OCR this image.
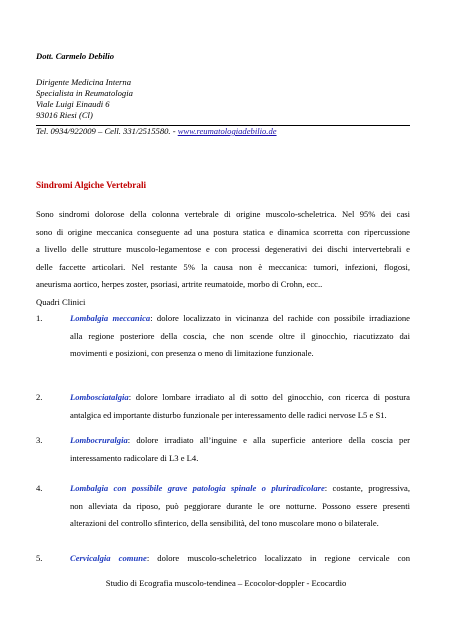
Dott. Carmelo Debilio
Dirigente Medicina Interna
Specialista in Reumatologia
Viale Luigi Einaudi 6
93016 Riesi (Cl)
Tel. 0934/922009 – Cell. 331/2515580. - www.reumatologiadebilio.de
Sindromi Algiche Vertebrali
Sono sindromi dolorose della colonna vertebrale di origine muscolo-scheletrica. Nel 95% dei casi
sono di origine meccanica conseguente ad una postura statica e dinamica scorretta con ripercussione
a livello delle strutture muscolo-legamentose e con processi degenerativi dei dischi intervertebrali e
delle faccette articolari. Nel restante 5% la causa non è meccanica: tumori, infezioni, flogosi,
aneurisma aortico, herpes zoster, psoriasi, artrite reumatoide, morbo di Crohn, ecc..
Quadri Clinici
1.	Lombalgia meccanica: dolore localizzato in vicinanza del rachide con possibile irradiazione
alla regione posteriore della coscia, che non scende oltre il ginocchio, riacutizzato dai
movimenti e posizioni, con presenza o meno di limitazione funzionale.
2.	Lombosciatalgia: dolore lombare irradiato al di sotto del ginocchio, con ricerca di postura
antalgica ed importante disturbo funzionale per interessamento delle radici nervose L5 e S1.
3.	Lombocruralgia: dolore irradiato all’inguine e alla superficie anteriore della coscia per
interessamento radicolare di L3 e L4.
4.	Lombalgia con possibile grave patologia spinale o pluriradicolare: costante, progressiva,
non alleviata da riposo, può peggiorare durante le ore notturne. Possono essere presenti
alterazioni del controllo sfinterico, della sensibilità, del tono muscolare mono o bilaterale.
5.	Cervicalgia comune: dolore muscolo-scheletrico localizzato in regione cervicale con
Studio di Ecografia muscolo-tendinea – Ecocolor-doppler - Ecocardio
